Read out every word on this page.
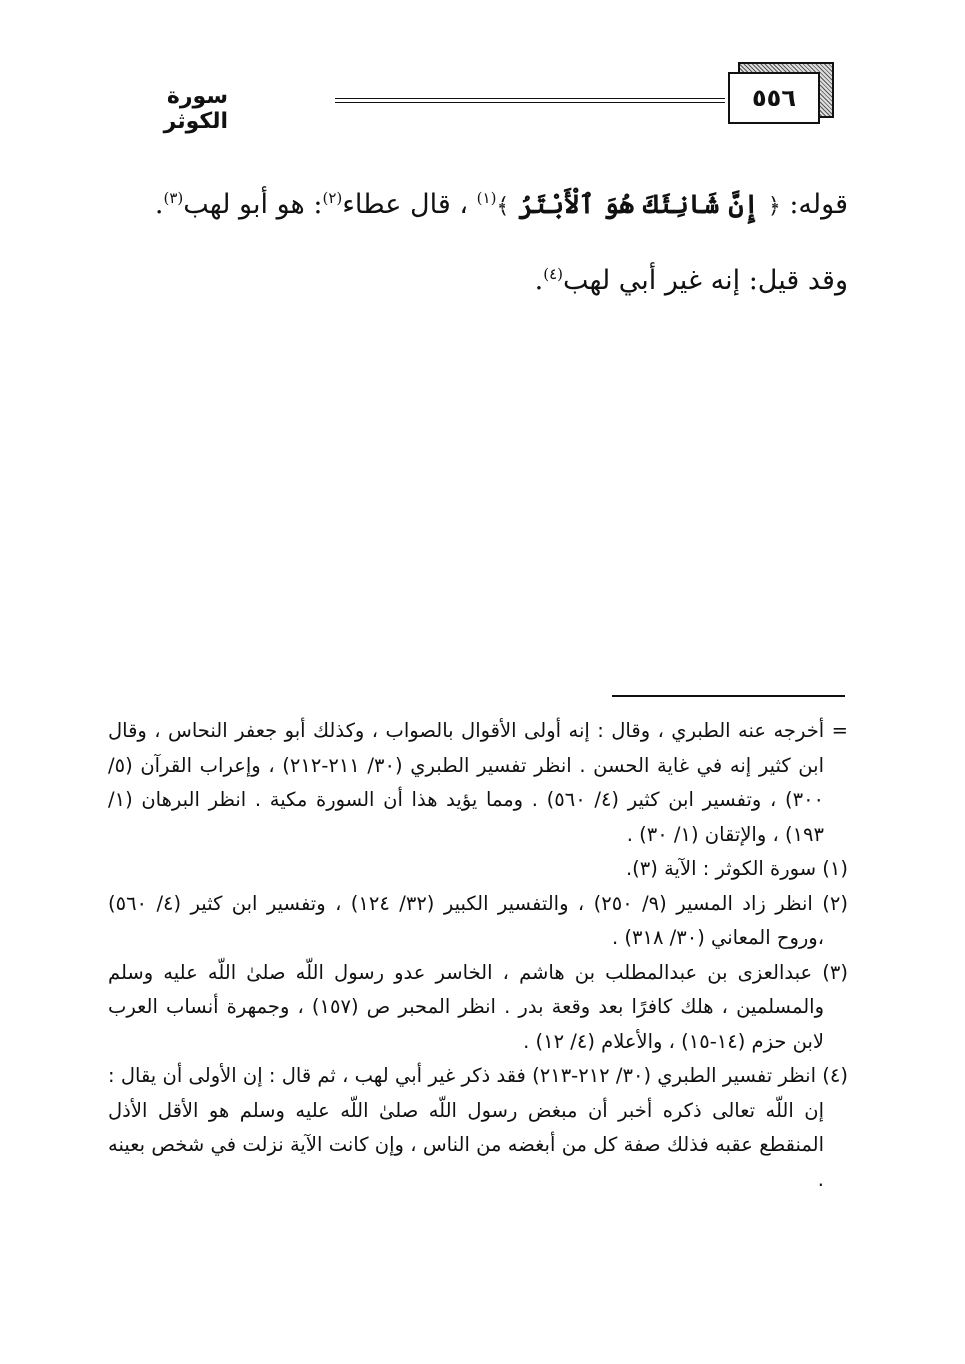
٥٥٦
سورة الكوثر

قوله: ﴿ إِنَّ شَانِئَكَ هُوَ ٱلْأَبْتَرُ ﴾$^{(١)}$ ، قال عطاء$^{(٢)}$: هو أبو لهب$^{(٣)}$.

وقد قيل: إنه غير أبي لهب$^{(٤)}$.

= أخرجه عنه الطبري ، وقال : إنه أولى الأقوال بالصواب ، وكذلك أبو جعفر النحاس ، وقال ابن كثير إنه في غاية الحسن . انظر تفسير الطبري (٣٠/ ٢١١-٢١٢) ، وإعراب القرآن (٥/ ٣٠٠) ، وتفسير ابن كثير (٤/ ٥٦٠) . ومما يؤيد هذا أن السورة مكية . انظر البرهان (١/ ١٩٣) ، والإتقان (١/ ٣٠) .

(١) سورة الكوثر : الآية (٣).

(٢) انظر زاد المسير (٩/ ٢٥٠) ، والتفسير الكبير (٣٢/ ١٢٤) ، وتفسير ابن كثير (٤/ ٥٦٠) ،وروح المعاني (٣٠/ ٣١٨) .

(٣) عبدالعزى بن عبدالمطلب بن هاشم ، الخاسر عدو رسول اللّه صلىٰ اللّه عليه وسلم والمسلمين ، هلك كافرًا بعد وقعة بدر . انظر المحبر ص (١٥٧) ، وجمهرة أنساب العرب لابن حزم (١٤-١٥) ، والأعلام (٤/ ١٢) .

(٤) انظر تفسير الطبري (٣٠/ ٢١٢-٢١٣) فقد ذكر غير أبي لهب ، ثم قال : إن الأولى أن يقال : إن اللّه تعالى ذكره أخبر أن مبغض رسول اللّه صلىٰ اللّه عليه وسلم هو الأقل الأذل المنقطع عقبه فذلك صفة كل من أبغضه من الناس ، وإن كانت الآية نزلت في شخص بعينه .
